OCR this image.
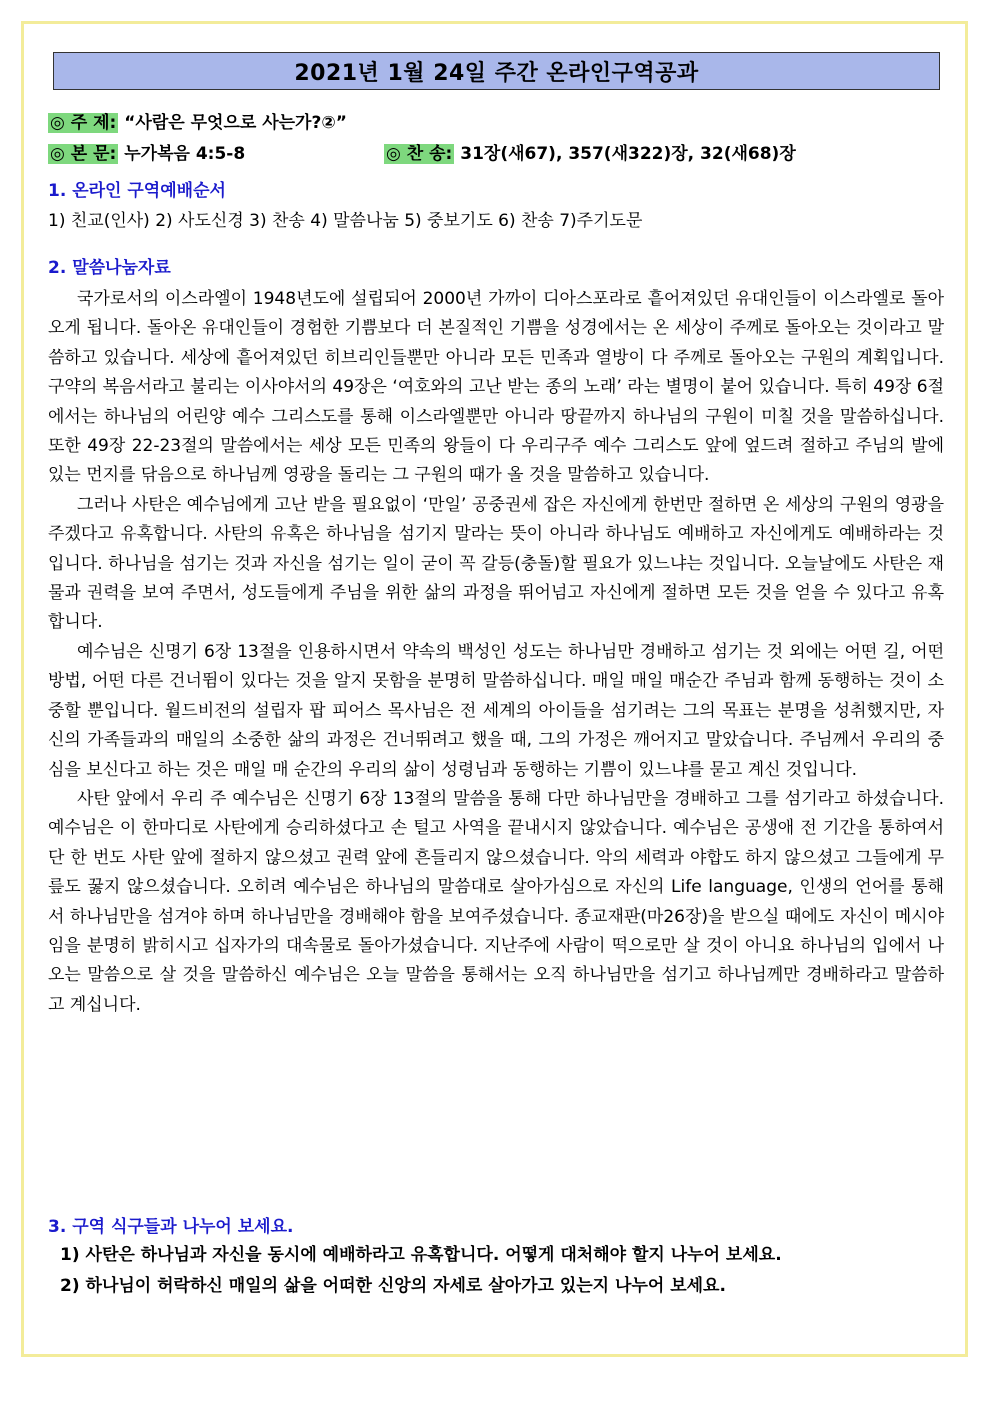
2021년 1월 24일 주간 온라인구역공과
◎ 주 제: “사람은 무엇으로 사는가?②”
◎ 본 문: 누가복음 4:5-8	◎ 찬 송: 31장(새67), 357(새322)장, 32(새68)장
1. 온라인 구역예배순서
1) 친교(인사) 2) 사도신경 3) 찬송 4) 말씀나눔 5) 중보기도 6) 찬송 7)주기도문
2. 말씀나눔자료

국가로서의 이스라엘이 1948년도에 설립되어 2000년 가까이 디아스포라로 흩어져있던 유대인들이 이스라엘로 돌아오게 됩니다. 돌아온 유대인들이 경험한 기쁨보다 더 본질적인 기쁨을 성경에서는 온 세상이 주께로 돌아오는 것이라고 말씀하고 있습니다. 세상에 흩어져있던 히브리인들뿐만 아니라 모든 민족과 열방이 다 주께로 돌아오는 구원의 계획입니다. 구약의 복음서라고 불리는 이사야서의 49장은 ‘여호와의 고난 받는 종의 노래’ 라는 별명이 붙어 있습니다. 특히 49장 6절에서는 하나님의 어린양 예수 그리스도를 통해 이스라엘뿐만 아니라 땅끝까지 하나님의 구원이 미칠 것을 말씀하십니다. 또한 49장 22-23절의 말씀에서는 세상 모든 민족의 왕들이 다 우리구주 예수 그리스도 앞에 엎드려 절하고 주님의 발에 있는 먼지를 닦음으로 하나님께 영광을 돌리는 그 구원의 때가 올 것을 말씀하고 있습니다.

그러나 사탄은 예수님에게 고난 받을 필요없이 ‘만일’ 공중권세 잡은 자신에게 한번만 절하면 온 세상의 구원의 영광을 주겠다고 유혹합니다. 사탄의 유혹은 하나님을 섬기지 말라는 뜻이 아니라 하나님도 예배하고 자신에게도 예배하라는 것입니다. 하나님을 섬기는 것과 자신을 섬기는 일이 굳이 꼭 갈등(충돌)할 필요가 있느냐는 것입니다. 오늘날에도 사탄은 재물과 권력을 보여 주면서, 성도들에게 주님을 위한 삶의 과정을 뛰어넘고 자신에게 절하면 모든 것을 얻을 수 있다고 유혹합니다.

예수님은 신명기 6장 13절을 인용하시면서 약속의 백성인 성도는 하나님만 경배하고 섬기는 것 외에는 어떤 길, 어떤 방법, 어떤 다른 건너뜀이 있다는 것을 알지 못함을 분명히 말씀하십니다. 매일 매일 매순간 주님과 함께 동행하는 것이 소중할 뿐입니다. 월드비전의 설립자 팝 피어스 목사님은 전 세계의 아이들을 섬기려는 그의 목표는 분명을 성취했지만, 자신의 가족들과의 매일의 소중한 삶의 과정은 건너뛰려고 했을 때, 그의 가정은 깨어지고 말았습니다. 주님께서 우리의 중심을 보신다고 하는 것은 매일 매 순간의 우리의 삶이 성령님과 동행하는 기쁨이 있느냐를 묻고 계신 것입니다.

사탄 앞에서 우리 주 예수님은 신명기 6장 13절의 말씀을 통해 다만 하나님만을 경배하고 그를 섬기라고 하셨습니다. 예수님은 이 한마디로 사탄에게 승리하셨다고 손 털고 사역을 끝내시지 않았습니다. 예수님은 공생애 전 기간을 통하여서 단 한 번도 사탄 앞에 절하지 않으셨고 권력 앞에 흔들리지 않으셨습니다. 악의 세력과 야합도 하지 않으셨고 그들에게 무릎도 꿇지 않으셨습니다. 오히려 예수님은 하나님의 말씀대로 살아가심으로 자신의 Life language, 인생의 언어를 통해서 하나님만을 섬겨야 하며 하나님만을 경배해야 함을 보여주셨습니다. 종교재판(마26장)을 받으실 때에도 자신이 메시야임을 분명히 밝히시고 십자가의 대속물로 돌아가셨습니다. 지난주에 사람이 떡으로만 살 것이 아니요 하나님의 입에서 나오는 말씀으로 살 것을 말씀하신 예수님은 오늘 말씀을 통해서는 오직 하나님만을 섬기고 하나님께만 경배하라고 말씀하고 계십니다.

3. 구역 식구들과 나누어 보세요.
1) 사탄은 하나님과 자신을 동시에 예배하라고 유혹합니다. 어떻게 대처해야 할지 나누어 보세요.
2) 하나님이 허락하신 매일의 삶을 어떠한 신앙의 자세로 살아가고 있는지 나누어 보세요.
